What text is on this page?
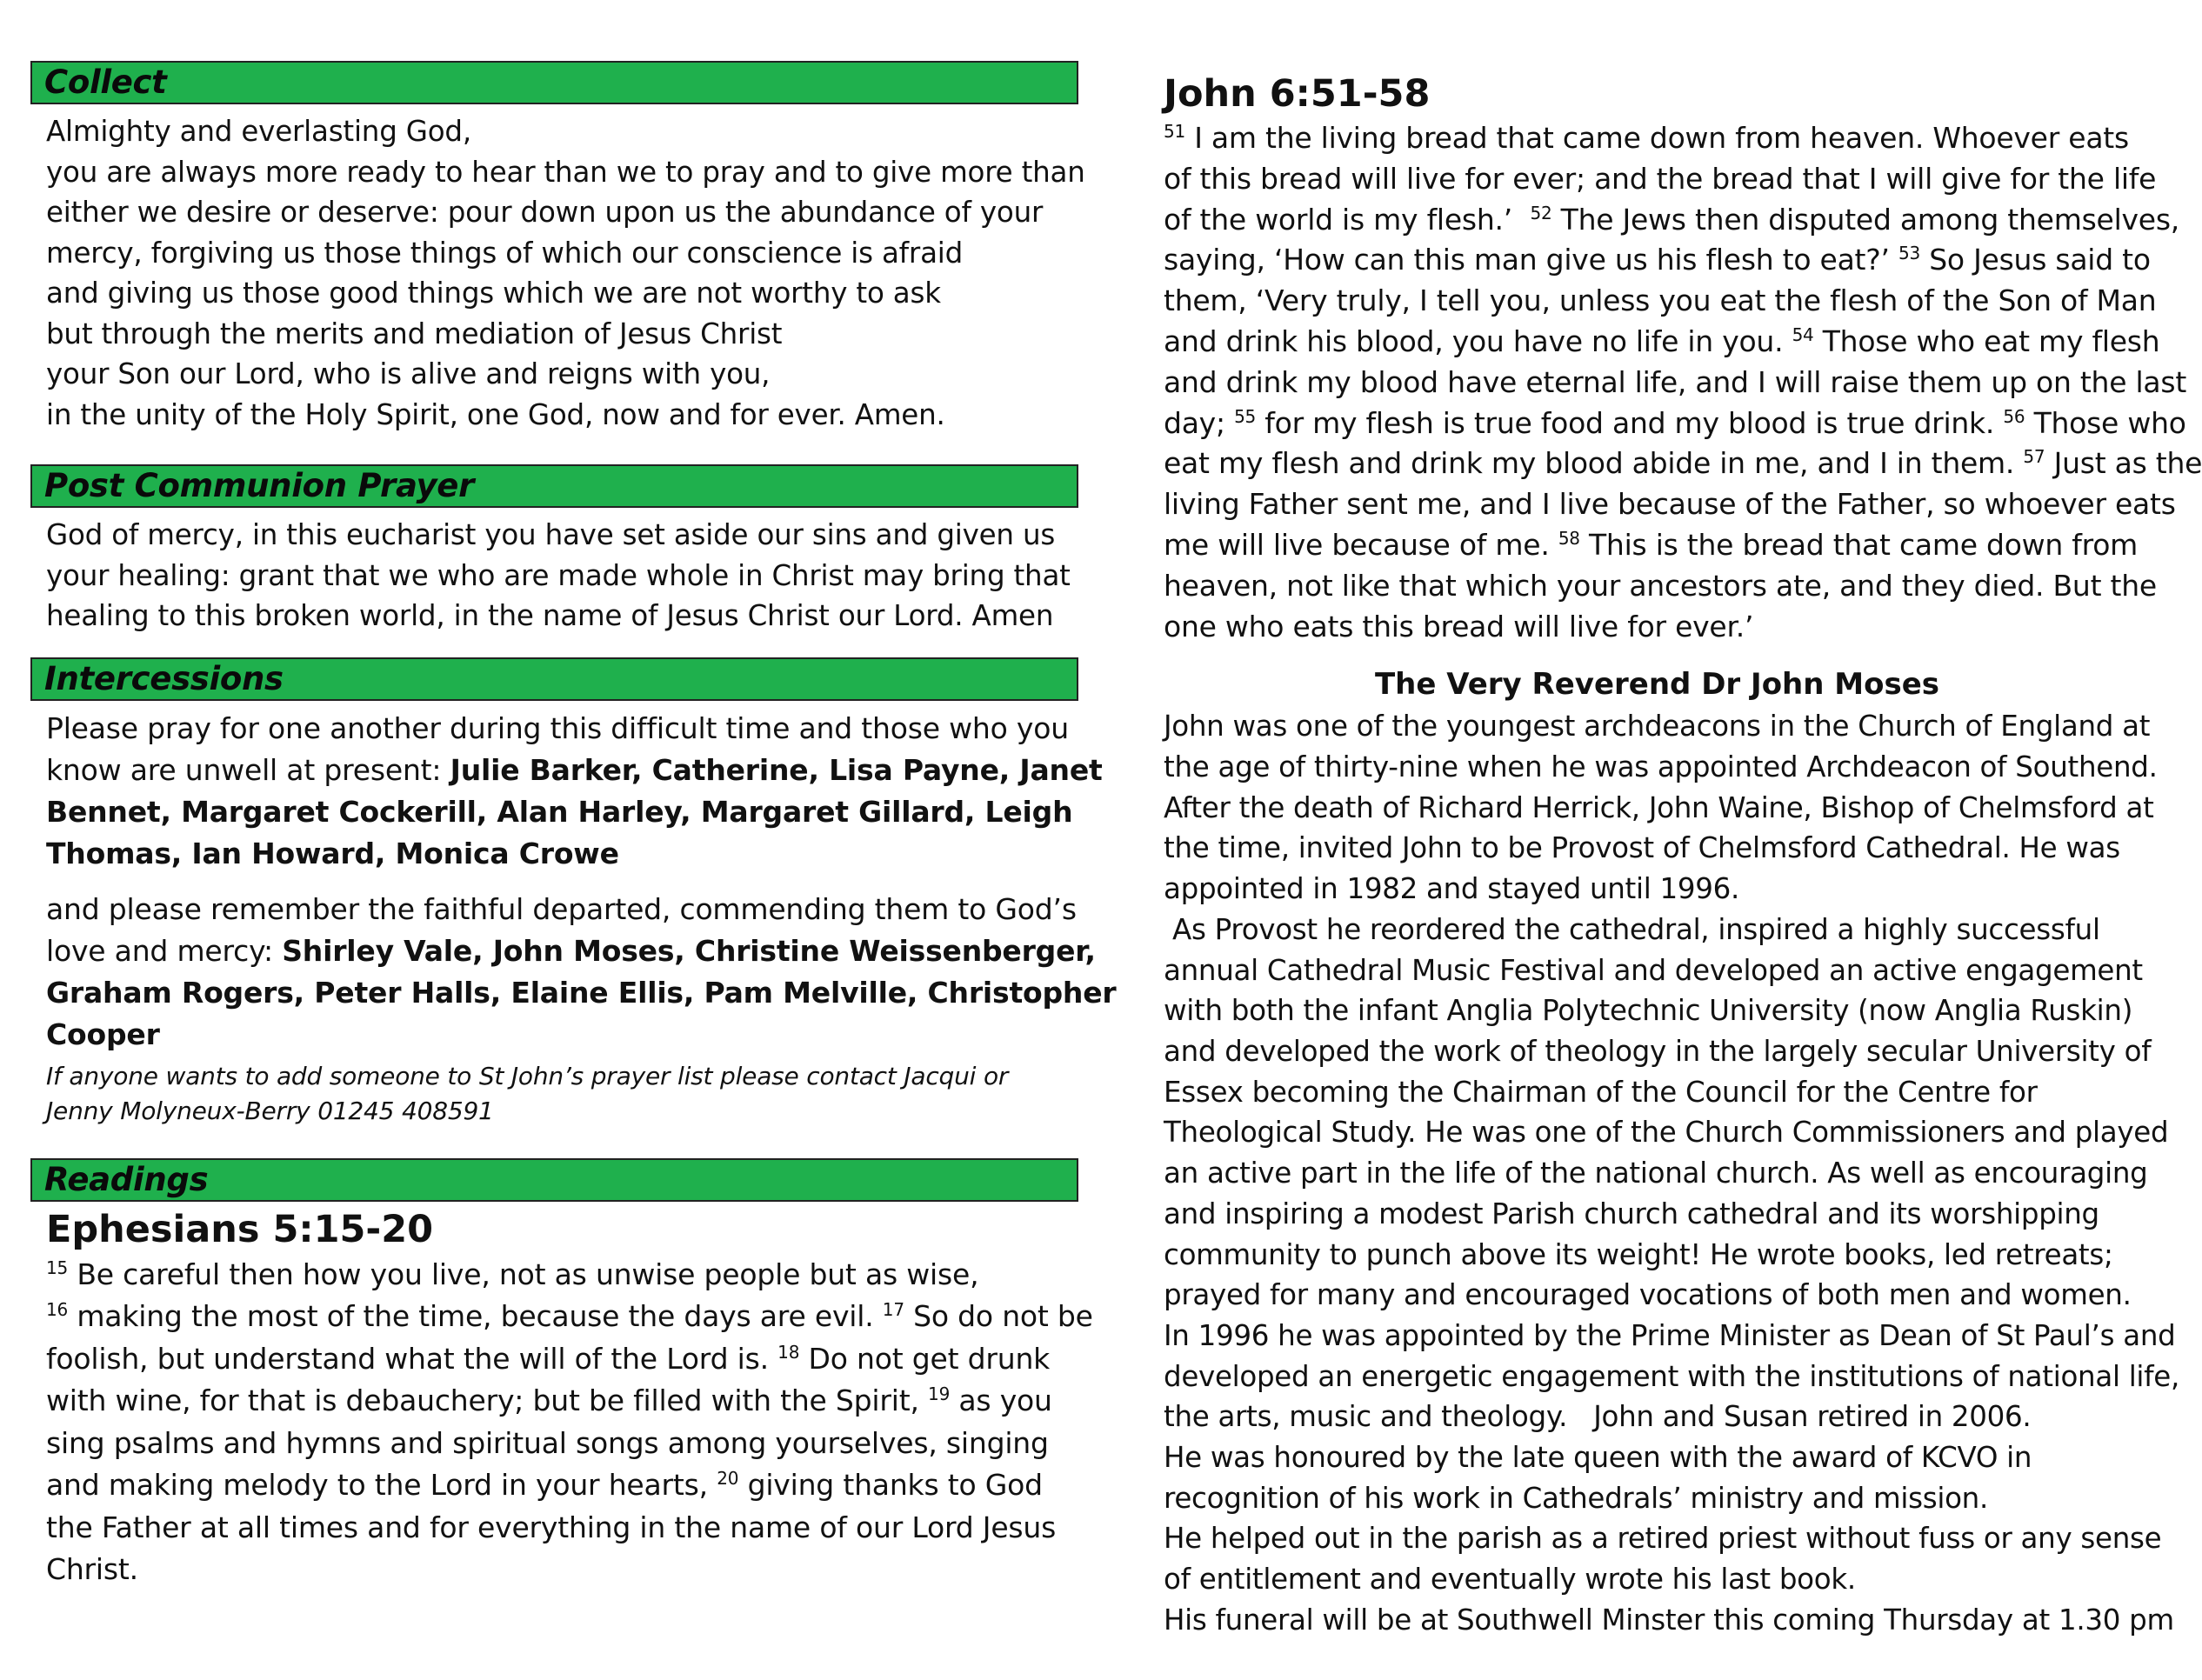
Collect
Almighty and everlasting God,
you are always more ready to hear than we to pray and to give more than
either we desire or deserve: pour down upon us the abundance of your
mercy, forgiving us those things of which our conscience is afraid
and giving us those good things which we are not worthy to ask
but through the merits and mediation of Jesus Christ
your Son our Lord, who is alive and reigns with you,
in the unity of the Holy Spirit, one God, now and for ever. Amen.
Post Communion Prayer
God of mercy, in this eucharist you have set aside our sins and given us
your healing: grant that we who are made whole in Christ may bring that
healing to this broken world, in the name of Jesus Christ our Lord. Amen
Intercessions
Please pray for one another during this difficult time and those who you
know are unwell at present: Julie Barker, Catherine, Lisa Payne, Janet
Bennet, Margaret Cockerill, Alan Harley, Margaret Gillard, Leigh
Thomas, Ian Howard, Monica Crowe
and please remember the faithful departed, commending them to God’s
love and mercy: Shirley Vale, John Moses, Christine Weissenberger,
Graham Rogers, Peter Halls, Elaine Ellis, Pam Melville, Christopher
Cooper
If anyone wants to add someone to St John’s prayer list please contact Jacqui or
Jenny Molyneux-Berry 01245 408591
Readings
Ephesians 5:15-20
$^{15}$ Be careful then how you live, not as unwise people but as wise,
$^{16}$ making the most of the time, because the days are evil. $^{17}$ So do not be
foolish, but understand what the will of the Lord is. $^{18}$ Do not get drunk
with wine, for that is debauchery; but be filled with the Spirit, $^{19}$ as you
sing psalms and hymns and spiritual songs among yourselves, singing
and making melody to the Lord in your hearts, $^{20}$ giving thanks to God
the Father at all times and for everything in the name of our Lord Jesus
Christ.
John 6:51-58
$^{51}$ I am the living bread that came down from heaven. Whoever eats
of this bread will live for ever; and the bread that I will give for the life
of the world is my flesh.’  $^{52}$ The Jews then disputed among themselves,
saying, ‘How can this man give us his flesh to eat?’ $^{53}$ So Jesus said to
them, ‘Very truly, I tell you, unless you eat the flesh of the Son of Man
and drink his blood, you have no life in you. $^{54}$ Those who eat my flesh
and drink my blood have eternal life, and I will raise them up on the last
day; $^{55}$ for my flesh is true food and my blood is true drink. $^{56}$ Those who
eat my flesh and drink my blood abide in me, and I in them. $^{57}$ Just as the
living Father sent me, and I live because of the Father, so whoever eats
me will live because of me. $^{58}$ This is the bread that came down from
heaven, not like that which your ancestors ate, and they died. But the
one who eats this bread will live for ever.’
The Very Reverend Dr John Moses
John was one of the youngest archdeacons in the Church of England at
the age of thirty-nine when he was appointed Archdeacon of Southend.
After the death of Richard Herrick, John Waine, Bishop of Chelmsford at
the time, invited John to be Provost of Chelmsford Cathedral. He was
appointed in 1982 and stayed until 1996.
As Provost he reordered the cathedral, inspired a highly successful
annual Cathedral Music Festival and developed an active engagement
with both the infant Anglia Polytechnic University (now Anglia Ruskin)
and developed the work of theology in the largely secular University of
Essex becoming the Chairman of the Council for the Centre for
Theological Study. He was one of the Church Commissioners and played
an active part in the life of the national church. As well as encouraging
and inspiring a modest Parish church cathedral and its worshipping
community to punch above its weight! He wrote books, led retreats;
prayed for many and encouraged vocations of both men and women.
In 1996 he was appointed by the Prime Minister as Dean of St Paul’s and
developed an energetic engagement with the institutions of national life,
the arts, music and theology.   John and Susan retired in 2006.
He was honoured by the late queen with the award of KCVO in
recognition of his work in Cathedrals’ ministry and mission.
He helped out in the parish as a retired priest without fuss or any sense
of entitlement and eventually wrote his last book.
His funeral will be at Southwell Minster this coming Thursday at 1.30 pm
